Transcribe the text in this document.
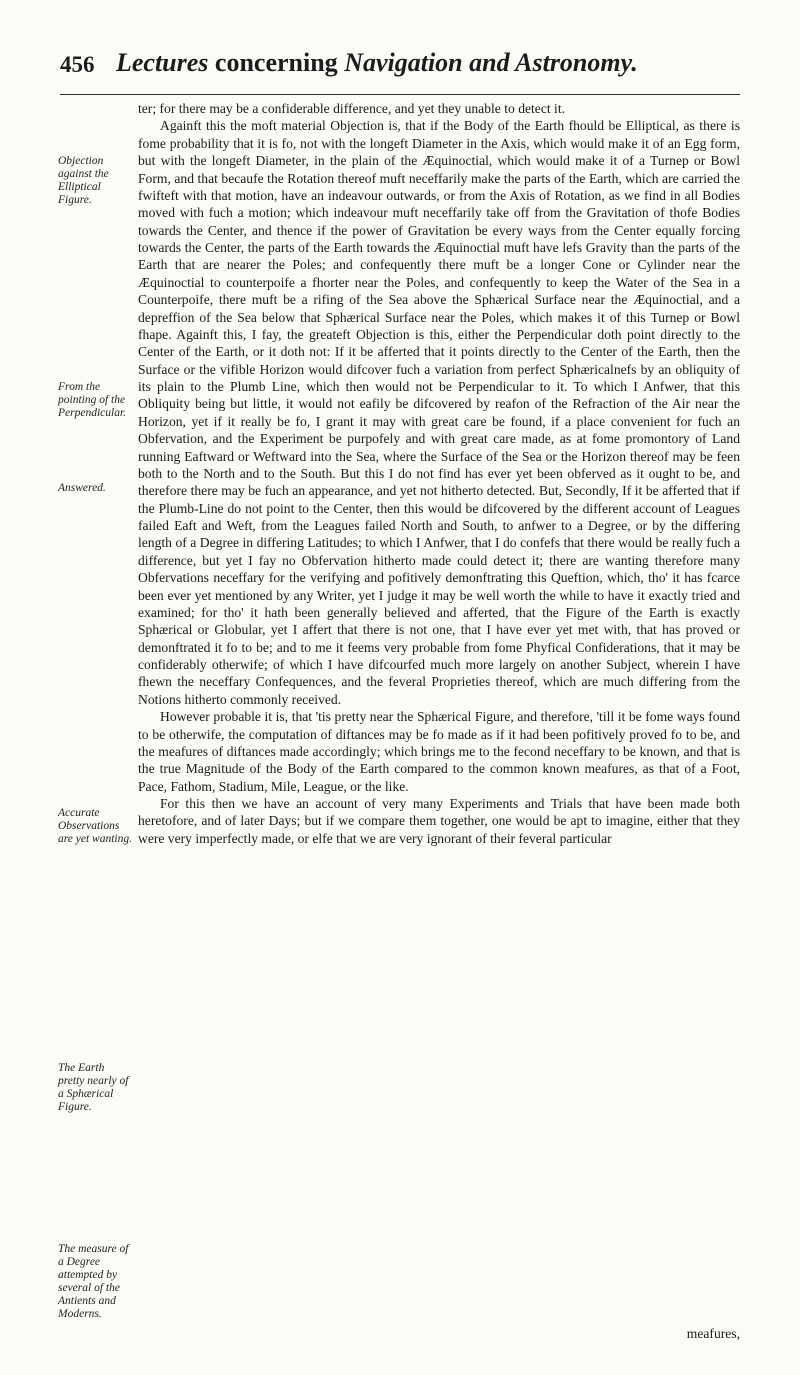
456 Lectures concerning Navigation and Astronomy.
Objection against the Elliptical Figure.
From the pointing of the Perpendicular.
Answered.
Accurate Observations are yet wanting.
The Earth pretty nearly of a Sphærical Figure.
The measure of a Degree attempted by several of the Antients and Moderns.

ter; for there may be a confiderable difference, and yet they unable to detect it.

Againft this the moft material Objection is, that if the Body of the Earth fhould be Elliptical, as there is fome probability that it is fo, not with the longeft Diameter in the Axis, which would make it of an Egg form, but with the longeft Diameter, in the plain of the Æquinoctial, which would make it of a Turnep or Bowl Form, and that becaufe the Rotation thereof muft neceffarily make the parts of the Earth, which are carried the fwifteft with that motion, have an indeavour outwards, or from the Axis of Rotation, as we find in all Bodies moved with fuch a motion; which indeavour muft neceffarily take off from the Gravitation of thofe Bodies towards the Center, and thence if the power of Gravitation be every ways from the Center equally forcing towards the Center, the parts of the Earth towards the Æquinoctial muft have lefs Gravity than the parts of the Earth that are nearer the Poles; and confequently there muft be a longer Cone or Cylinder near the Æquinoctial to counterpoife a fhorter near the Poles, and confequently to keep the Water of the Sea in a Counterpoife, there muft be a rifing of the Sea above the Sphærical Surface near the Æquinoctial, and a depreffion of the Sea below that Sphærical Surface near the Poles, which makes it of this Turnep or Bowl fhape. Againft this, I fay, the greateft Objection is this, either the Perpendicular doth point directly to the Center of the Earth, or it doth not: If it be afferted that it points directly to the Center of the Earth, then the Surface or the vifible Horizon would difcover fuch a variation from perfect Sphæricalnefs by an obliquity of its plain to the Plumb Line, which then would not be Perpendicular to it. To which I Anfwer, that this Obliquity being but little, it would not eafily be difcovered by reafon of the Refraction of the Air near the Horizon, yet if it really be fo, I grant it may with great care be found, if a place convenient for fuch an Obfervation, and the Experiment be purpofely and with great care made, as at fome promontory of Land running Eaftward or Weftward into the Sea, where the Surface of the Sea or the Horizon thereof may be feen both to the North and to the South. But this I do not find has ever yet been obferved as it ought to be, and therefore there may be fuch an appearance, and yet not hitherto detected. But, Secondly, If it be afferted that if the Plumb-Line do not point to the Center, then this would be difcovered by the different account of Leagues failed Eaft and Weft, from the Leagues failed North and South, to anfwer to a Degree, or by the differing length of a Degree in differing Latitudes; to which I Anfwer, that I do confefs that there would be really fuch a difference, but yet I fay no Obfervation hitherto made could detect it; there are wanting therefore many Obfervations neceffary for the verifying and pofitively demonftrating this Queftion, which, tho' it has fcarce been ever yet mentioned by any Writer, yet I judge it may be well worth the while to have it exactly tried and examined; for tho' it hath been generally believed and afferted, that the Figure of the Earth is exactly Sphærical or Globular, yet I affert that there is not one, that I have ever yet met with, that has proved or demonftrated it fo to be; and to me it feems very probable from fome Phyfical Confiderations, that it may be confiderably otherwife; of which I have difcourfed much more largely on another Subject, wherein I have fhewn the neceffary Confequences, and the feveral Proprieties thereof, which are much differing from the Notions hitherto commonly received.

However probable it is, that 'tis pretty near the Sphærical Figure, and therefore, 'till it be fome ways found to be otherwife, the computation of diftances may be fo made as if it had been pofitively proved fo to be, and the meafures of diftances made accordingly; which brings me to the fecond neceffary to be known, and that is the true Magnitude of the Body of the Earth compared to the common known meafures, as that of a Foot, Pace, Fathom, Stadium, Mile, League, or the like.

For this then we have an account of very many Experiments and Trials that have been made both heretofore, and of later Days; but if we compare them together, one would be apt to imagine, either that they were very imperfectly made, or elfe that we are very ignorant of their feveral particular

meafures,
